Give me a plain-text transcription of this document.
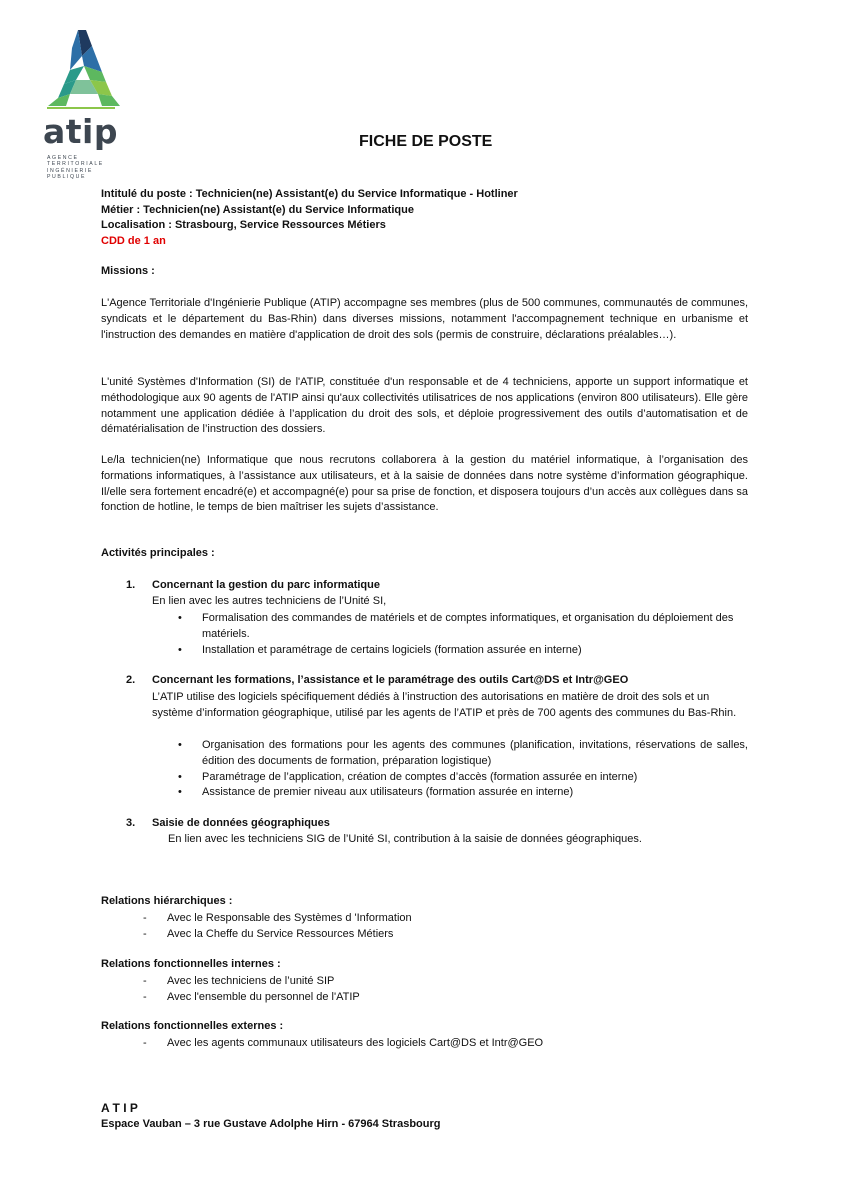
atip
AGENCE
TERRITORIALE
INGÉNIERIE
PUBLIQUE
FICHE DE POSTE

Intitulé du poste : Technicien(ne) Assistant(e) du Service Informatique - Hotliner

Métier : Technicien(ne) Assistant(e) du Service Informatique

Localisation : Strasbourg, Service Ressources Métiers

CDD de 1 an

Missions :
L'Agence Territoriale d'Ingénierie Publique (ATIP) accompagne ses membres (plus de 500 communes, communautés de communes, syndicats et le département du Bas-Rhin) dans diverses missions, notamment l'accompagnement technique en urbanisme et l'instruction des demandes en matière d'application de droit des sols (permis de construire, déclarations préalables…).
L'unité Systèmes d'Information (SI) de l'ATIP, constituée d'un responsable et de 4 techniciens, apporte un support informatique et méthodologique aux 90 agents de l'ATIP ainsi qu'aux collectivités utilisatrices de nos applications (environ 800 utilisateurs). Elle gère notamment une application dédiée à l’application du droit des sols, et déploie progressivement des outils d’automatisation et de dématérialisation de l’instruction des dossiers.
Le/la technicien(ne) Informatique que nous recrutons collaborera à la gestion du matériel informatique, à l’organisation des formations informatiques, à l’assistance aux utilisateurs, et à la saisie de données dans notre système d’information géographique. Il/elle sera fortement encadré(e) et accompagné(e) pour sa prise de fonction, et disposera toujours d’un accès aux collègues dans sa fonction de hotline, le temps de bien maîtriser les sujets d’assistance.
Activités principales :
1. Concernant la gestion du parc informatique
En lien avec les autres techniciens de l’Unité SI,
• Formalisation des commandes de matériels et de comptes informatiques, et organisation du déploiement des matériels.
• Installation et paramétrage de certains logiciels (formation assurée en interne)
2. Concernant les formations, l’assistance et le paramétrage des outils Cart@DS et Intr@GEO
L’ATIP utilise des logiciels spécifiquement dédiés à l’instruction des autorisations en matière de droit des sols et un système d’information géographique, utilisé par les agents de l’ATIP et près de 700 agents des communes du Bas-Rhin.
• Organisation des formations pour les agents des communes (planification, invitations, réservations de salles, édition des documents de formation, préparation logistique)
• Paramétrage de l’application, création de comptes d’accès (formation assurée en interne)
• Assistance de premier niveau aux utilisateurs (formation assurée en interne)
3. Saisie de données géographiques
En lien avec les techniciens SIG de l’Unité SI, contribution à la saisie de données géographiques.
Relations hiérarchiques :
- Avec le Responsable des Systèmes d 'Information
- Avec la Cheffe du Service Ressources Métiers
Relations fonctionnelles internes :
- Avec les techniciens de l’unité SIP
- Avec l'ensemble du personnel de l'ATIP
Relations fonctionnelles externes :
- Avec les agents communaux utilisateurs des logiciels Cart@DS et Intr@GEO
A T I P
Espace Vauban – 3 rue Gustave Adolphe Hirn - 67964 Strasbourg
